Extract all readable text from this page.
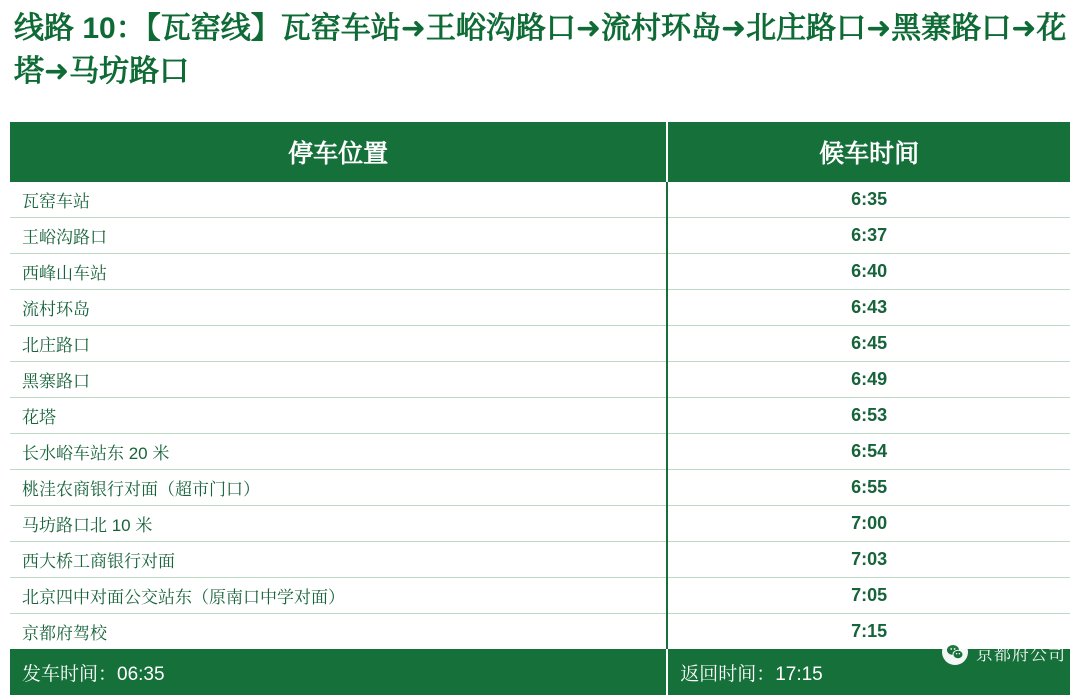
线路 10：【瓦窑线】瓦窑车站➜王峪沟路口➜流村环岛➜北庄路口➜黑寨路口➜花塔➜马坊路口
停车位置	候车时间
瓦窑车站	6:35
王峪沟路口	6:37
西峰山车站	6:40
流村环岛	6:43
北庄路口	6:45
黑寨路口	6:49
花塔	6:53
长水峪车站东 20 米	6:54
桃洼农商银行对面（超市门口）	6:55
马坊路口北 10 米	7:00
西大桥工商银行对面	7:03
北京四中对面公交站东（原南口中学对面）	7:05
京都府驾校	7:15
发车时间：06:35	返回时间：17:15
京都府公司
